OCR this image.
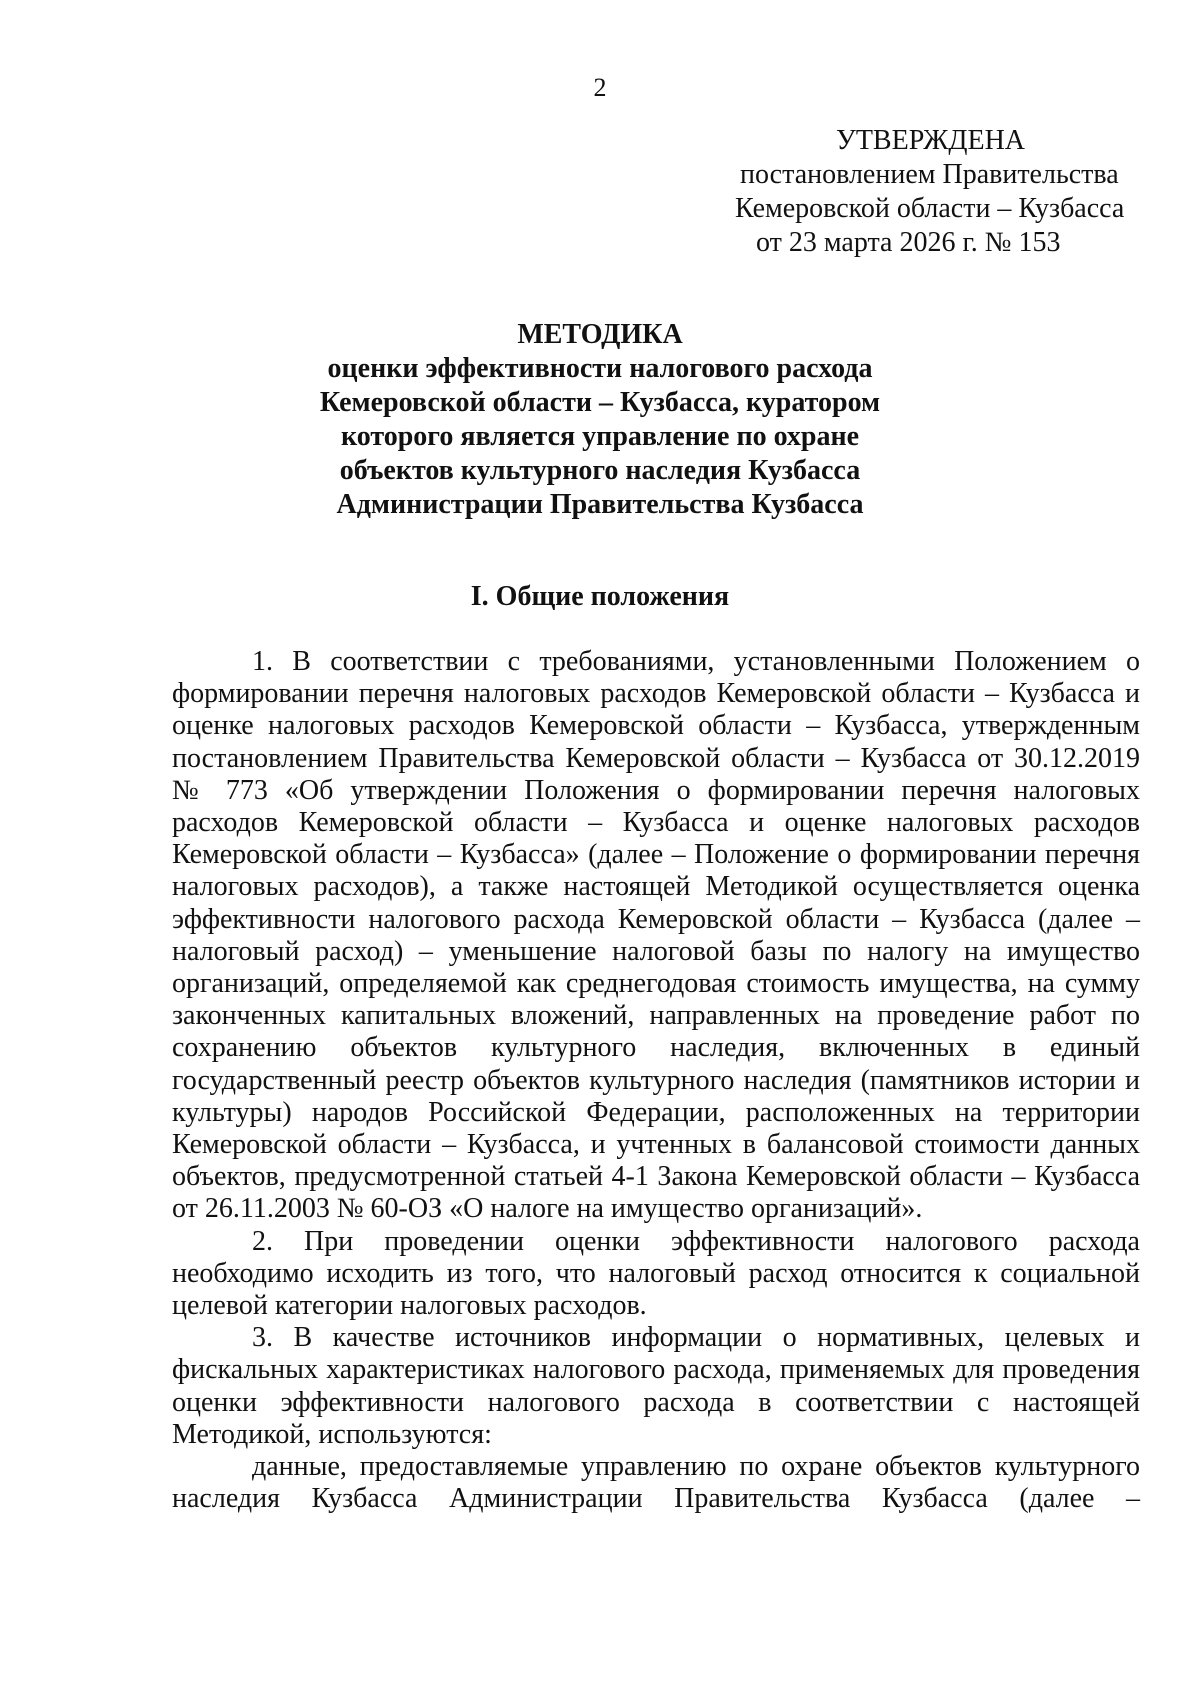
2
УТВЕРЖДЕНА
постановлением Правительства
Кемеровской области – Кузбасса
от 23 марта 2026 г. № 153
МЕТОДИКА
оценки эффективности налогового расхода
Кемеровской области – Кузбасса, куратором
которого является управление по охране
объектов культурного наследия Кузбасса
Администрации Правительства Кузбасса
I. Общие положения

1. В соответствии с требованиями, установленными Положением о формировании перечня налоговых расходов Кемеровской области – Кузбасса и оценке налоговых расходов Кемеровской области – Кузбасса, утвержденным постановлением Правительства Кемеровской области – Кузбасса от 30.12.2019 № 773 «Об утверждении Положения о формировании перечня налоговых расходов Кемеровской области – Кузбасса и оценке налоговых расходов Кемеровской области – Кузбасса» (далее – Положение о формировании перечня налоговых расходов), а также настоящей Методикой осуществляется оценка эффективности налогового расхода Кемеровской области – Кузбасса (далее – налоговый расход) – уменьшение налоговой базы по налогу на имущество организаций, определяемой как среднегодовая стоимость имущества, на сумму законченных капитальных вложений, направленных на проведение работ по сохранению объектов культурного наследия, включенных в единый государственный реестр объектов культурного наследия (памятников истории и культуры) народов Российской Федерации, расположенных на территории Кемеровской области – Кузбасса, и учтенных в балансовой стоимости данных объектов, предусмотренной статьей 4-1 Закона Кемеровской области – Кузбасса от 26.11.2003 № 60-ОЗ «О налоге на имущество организаций».

2. При проведении оценки эффективности налогового расхода необходимо исходить из того, что налоговый расход относится к социальной целевой категории налоговых расходов.

3. В качестве источников информации о нормативных, целевых и фискальных характеристиках налогового расхода, применяемых для проведения оценки эффективности налогового расхода в соответствии с настоящей Методикой, используются:

данные, предоставляемые управлению по охране объектов культурного наследия Кузбасса Администрации Правительства Кузбасса (далее –
